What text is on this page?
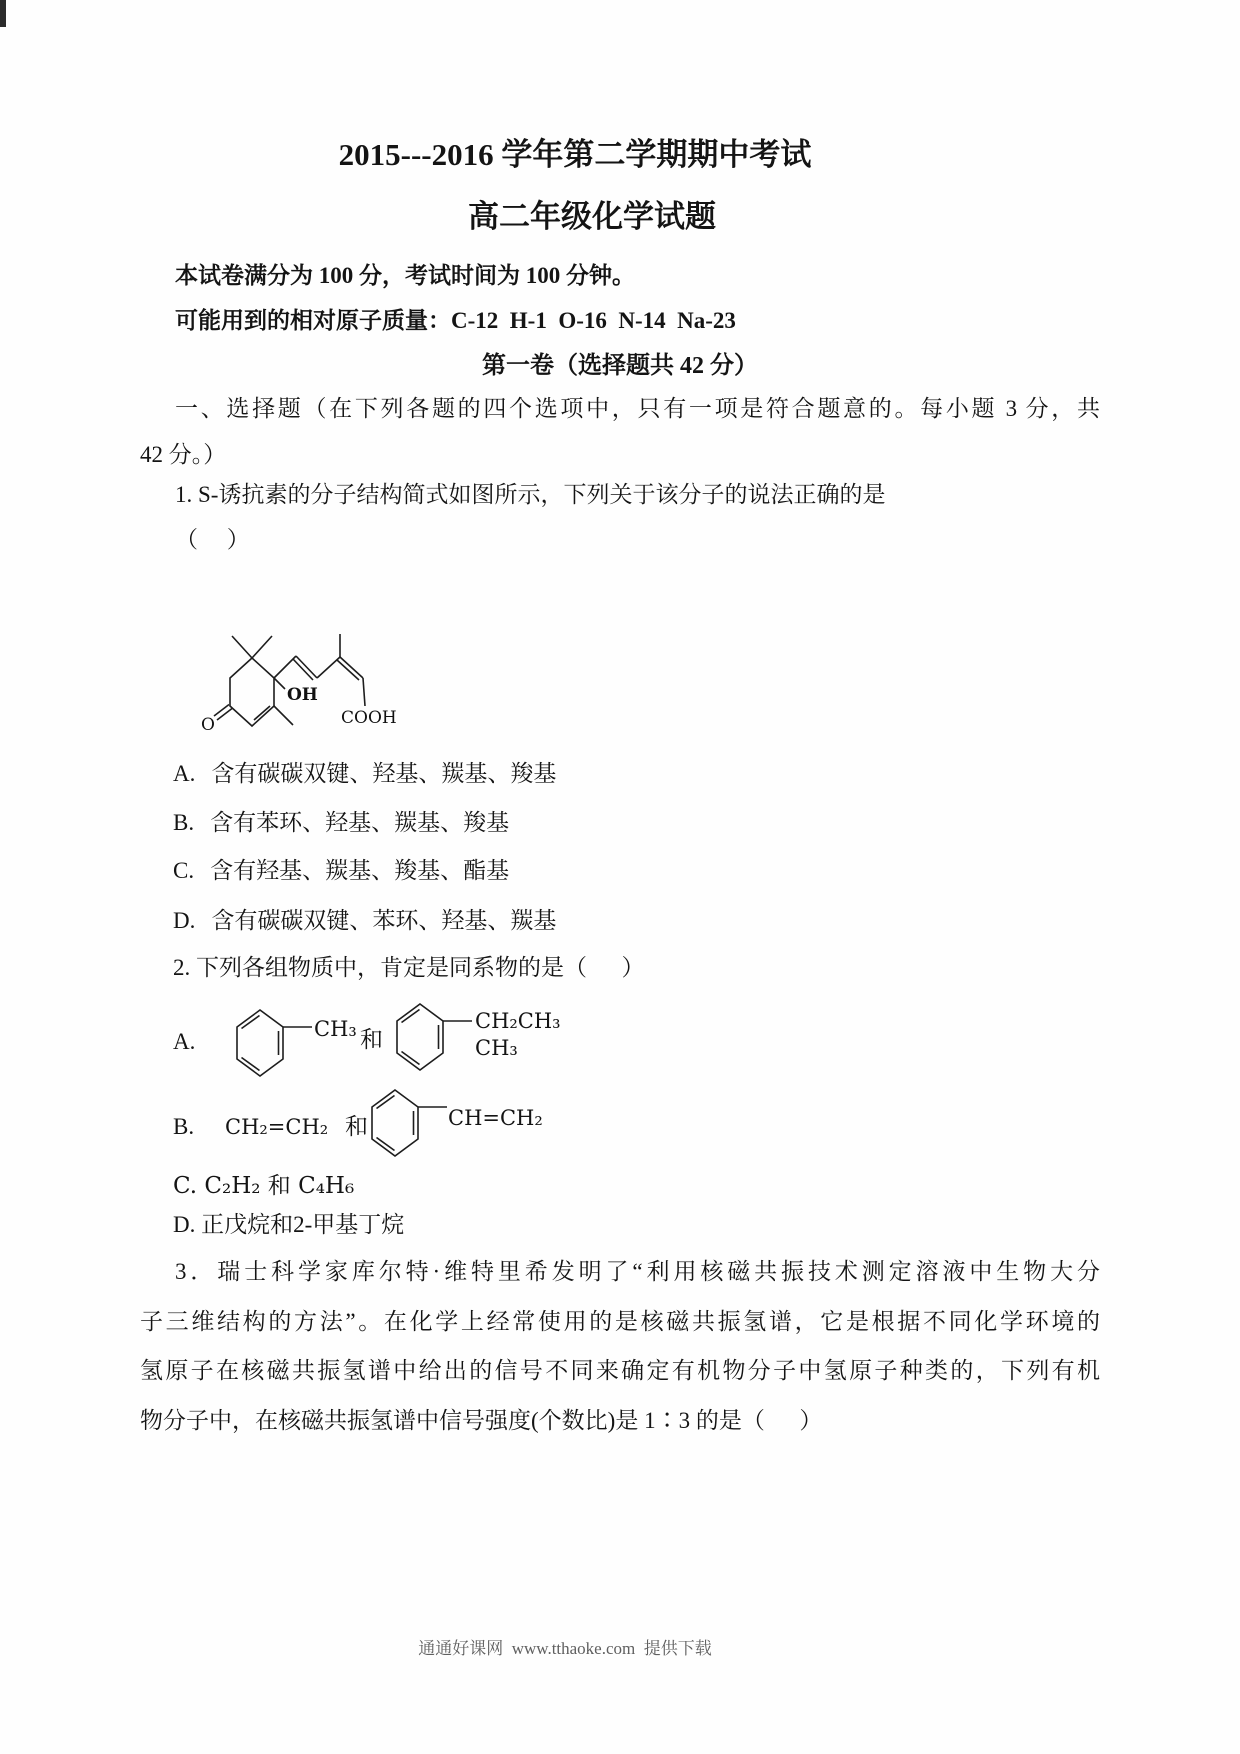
2015---2016 学年第二学期期中考试
高二年级化学试题
本试卷满分为 100 分，考试时间为 100 分钟。
可能用到的相对原子质量：C-12  H-1  O-16  N-14  Na-23
第一卷（选择题共 42 分）
一、选择题（在下列各题的四个选项中，只有一项是符合题意的。每小题 3 分，共
42 分。）
1. S-诱抗素的分子结构简式如图所示，下列关于该分子的说法正确的是
（     ）
O
OH
COOH
A. 含有碳碳双键、羟基、羰基、羧基
B. 含有苯环、羟基、羰基、羧基
C. 含有羟基、羰基、羧基、酯基
D. 含有碳碳双键、苯环、羟基、羰基
2. 下列各组物质中，肯定是同系物的是（      ）
A.	CH₃ 和
CH₂CH₃
CH₃
B. CH₂=CH₂ 和	CH=CH₂
C. C₂H₂ 和 C₄H₆
D. 正戊烷和2-甲基丁烷
3．瑞士科学家库尔特·维特里希发明了“利用核磁共振技术测定溶液中生物大分
子三维结构的方法”。在化学上经常使用的是核磁共振氢谱，它是根据不同化学环境的
氢原子在核磁共振氢谱中给出的信号不同来确定有机物分子中氢原子种类的，下列有机
物分子中，在核磁共振氢谱中信号强度(个数比)是 1∶3 的是（      ）
通通好课网  www.tthaoke.com  提供下载
